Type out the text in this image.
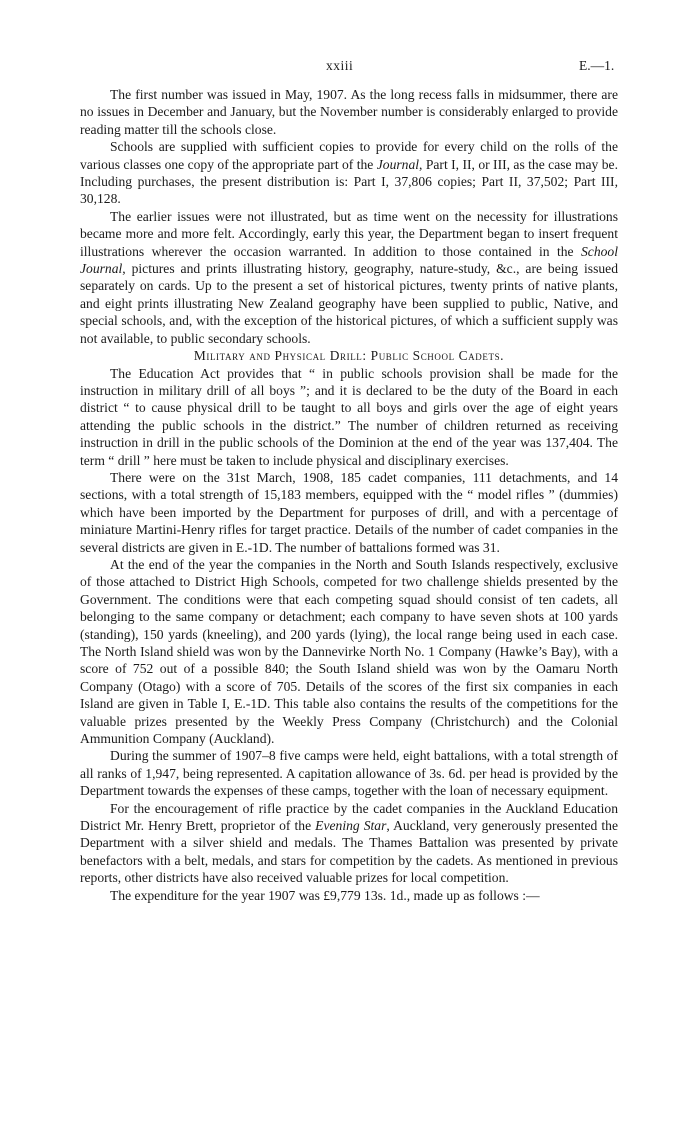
xxiii	E.—1.

The first number was issued in May, 1907. As the long recess falls in midsummer, there are no issues in December and January, but the November number is considerably enlarged to provide reading matter till the schools close.

Schools are supplied with sufficient copies to provide for every child on the rolls of the various classes one copy of the appropriate part of the Journal, Part I, II, or III, as the case may be. Including purchases, the present distribution is: Part I, 37,806 copies; Part II, 37,502; Part III, 30,128.

The earlier issues were not illustrated, but as time went on the necessity for illustrations became more and more felt. Accordingly, early this year, the Department began to insert frequent illustrations wherever the occasion warranted. In addition to those contained in the School Journal, pictures and prints illustrating history, geography, nature-study, &c., are being issued separately on cards. Up to the present a set of historical pictures, twenty prints of native plants, and eight prints illustrating New Zealand geography have been supplied to public, Native, and special schools, and, with the exception of the historical pictures, of which a sufficient supply was not available, to public secondary schools.

Military and Physical Drill: Public School Cadets.

The Education Act provides that “ in public schools provision shall be made for the instruction in military drill of all boys ”; and it is declared to be the duty of the Board in each district “ to cause physical drill to be taught to all boys and girls over the age of eight years attending the public schools in the district.” The number of children returned as receiving instruction in drill in the public schools of the Dominion at the end of the year was 137,404. The term “ drill ” here must be taken to include physical and disciplinary exercises.

There were on the 31st March, 1908, 185 cadet companies, 111 detachments, and 14 sections, with a total strength of 15,183 members, equipped with the “ model rifles ” (dummies) which have been imported by the Department for purposes of drill, and with a percentage of miniature Martini-Henry rifles for target practice. Details of the number of cadet companies in the several districts are given in E.-1D. The number of battalions formed was 31.

At the end of the year the companies in the North and South Islands respectively, exclusive of those attached to District High Schools, competed for two challenge shields presented by the Government. The conditions were that each competing squad should consist of ten cadets, all belonging to the same company or detachment; each company to have seven shots at 100 yards (standing), 150 yards (kneeling), and 200 yards (lying), the local range being used in each case. The North Island shield was won by the Dannevirke North No. 1 Company (Hawke’s Bay), with a score of 752 out of a possible 840; the South Island shield was won by the Oamaru North Company (Otago) with a score of 705. Details of the scores of the first six companies in each Island are given in Table I, E.-1D. This table also contains the results of the competitions for the valuable prizes presented by the Weekly Press Company (Christchurch) and the Colonial Ammunition Company (Auckland).

During the summer of 1907–8 five camps were held, eight battalions, with a total strength of all ranks of 1,947, being represented. A capitation allowance of 3s. 6d. per head is provided by the Department towards the expenses of these camps, together with the loan of necessary equipment.

For the encouragement of rifle practice by the cadet companies in the Auckland Education District Mr. Henry Brett, proprietor of the Evening Star, Auckland, very generously presented the Department with a silver shield and medals. The Thames Battalion was presented by private benefactors with a belt, medals, and stars for competition by the cadets. As mentioned in previous reports, other districts have also received valuable prizes for local competition.

The expenditure for the year 1907 was £9,779 13s. 1d., made up as follows :—
